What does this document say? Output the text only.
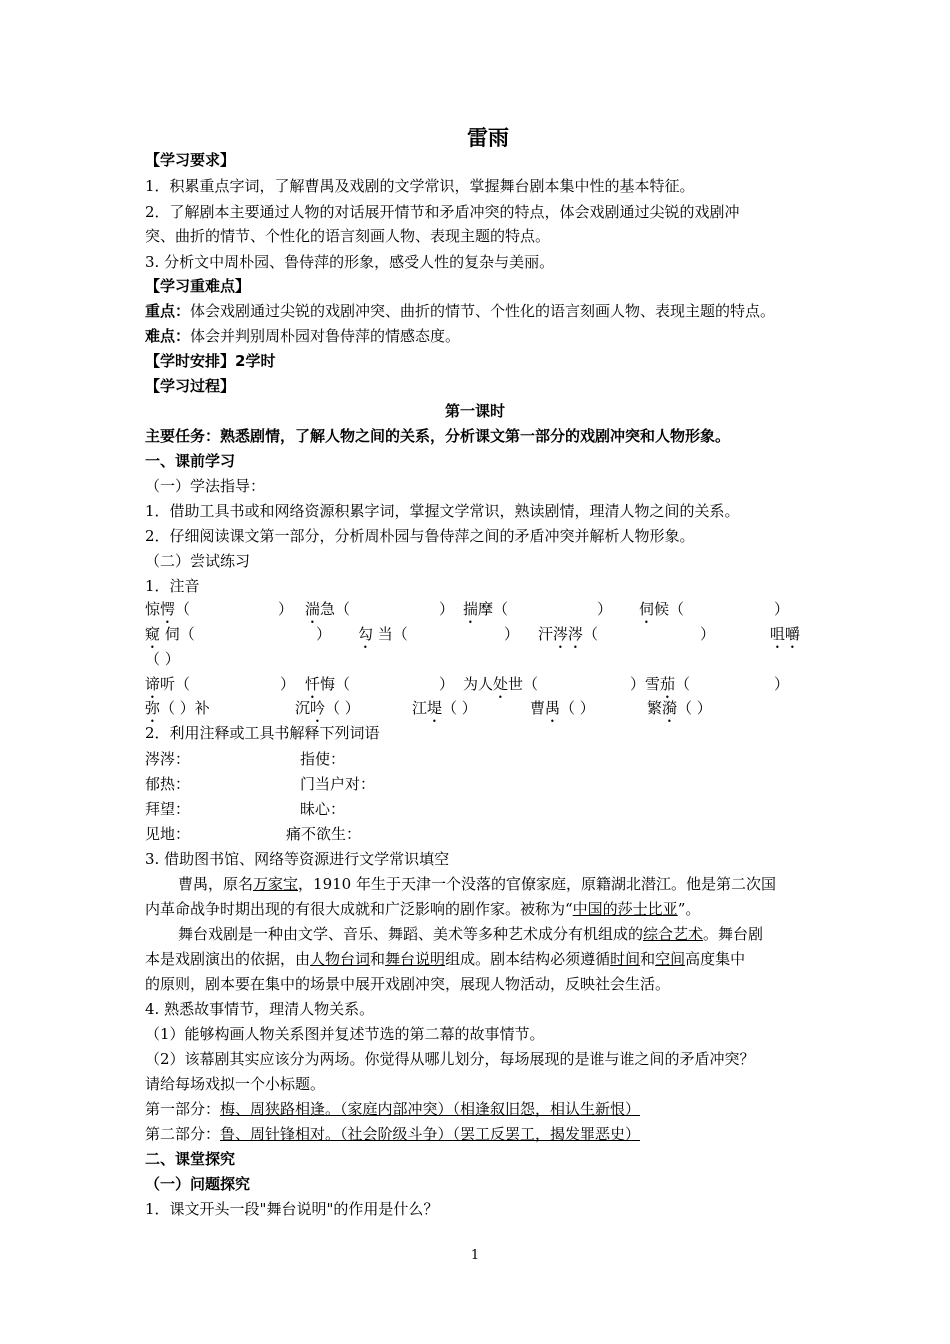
雷雨
【学习要求】
1．积累重点字词，了解曹禺及戏剧的文学常识，掌握舞台剧本集中性的基本特征。
2．了解剧本主要通过人物的对话展开情节和矛盾冲突的特点，体会戏剧通过尖锐的戏剧冲
突、曲折的情节、个性化的语言刻画人物、表现主题的特点。
3. 分析文中周朴园、鲁侍萍的形象，感受人性的复杂与美丽。
【学习重难点】
重点：体会戏剧通过尖锐的戏剧冲突、曲折的情节、个性化的语言刻画人物、表现主题的特点。
难点：体会并判别周朴园对鲁侍萍的情感态度。
【学时安排】2学时
【学习过程】
第一课时
主要任务：熟悉剧情，了解人物之间的关系，分析课文第一部分的戏剧冲突和人物形象。
一、课前学习
（一）学法指导：
1．借助工具书或和网络资源积累字词，掌握文学常识，熟读剧情，理清人物之间的关系。
2．仔细阅读课文第一部分，分析周朴园与鲁侍萍之间的矛盾冲突并解析人物形象。
（二）尝试练习
1．注音
惊愕（	） 湍急（	） 揣摩（	） 伺候（	）
窥 伺（	） 勾 当（	） 汗涔涔（	）	咀嚼
（ ）
谛听（	） 忏悔（	） 为人处世（	） 雪茄（	）
弥（ ）补	沉吟（ ）	江堤（ ）	曹禺（ ）	繁漪（ ）
2．利用注释或工具书解释下列词语
涔涔：	指使：
郁热：	门当户对：
拜望：	昧心：
见地：	痛不欲生：
3. 借助图书馆、网络等资源进行文学常识填空
曹禺，原名万家宝，1910 年生于天津一个没落的官僚家庭，原籍湖北潜江。他是第二次国
内革命战争时期出现的有很大成就和广泛影响的剧作家。被称为“中国的莎士比亚”。
舞台戏剧是一种由文学、音乐、舞蹈、美术等多种艺术成分有机组成的综合艺术。舞台剧
本是戏剧演出的依据，由人物台词和舞台说明组成。剧本结构必须遵循时间和空间高度集中
的原则，剧本要在集中的场景中展开戏剧冲突，展现人物活动，反映社会生活。
4. 熟悉故事情节，理清人物关系。
（1）能够构画人物关系图并复述节选的第二幕的故事情节。
（2）该幕剧其实应该分为两场。你觉得从哪儿划分，每场展现的是谁与谁之间的矛盾冲突？
请给每场戏拟一个小标题。
第一部分：梅、周狭路相逢。（家庭内部冲突）（相逢叙旧怨，相认生新恨）
第二部分：鲁、周针锋相对。（社会阶级斗争）（罢工反罢工，揭发罪恶史）
二、课堂探究
（一）问题探究
1．课文开头一段"舞台说明"的作用是什么？
1
